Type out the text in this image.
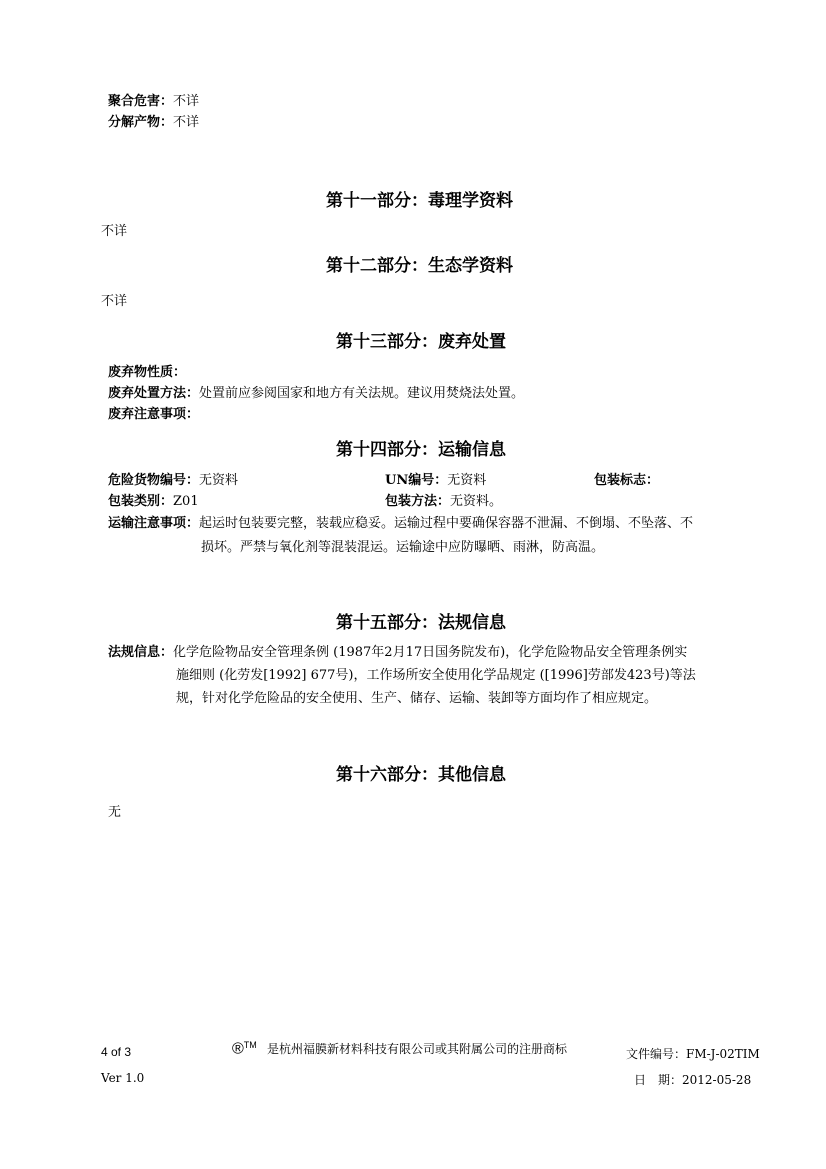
聚合危害：不详
分解产物：不详
第十一部分：毒理学资料
不详
第十二部分：生态学资料
不详
第十三部分：废弃处置
废弃物性质：
废弃处置方法：处置前应参阅国家和地方有关法规。建议用焚烧法处置。
废弃注意事项：
第十四部分：运输信息
危险货物编号：无资料	UN编号：无资料	包装标志：
包装类别：Z01	包装方法：无资料。
运输注意事项：起运时包装要完整，装载应稳妥。运输过程中要确保容器不泄漏、不倒塌、不坠落、不
损坏。严禁与氧化剂等混装混运。运输途中应防曝晒、雨淋，防高温。
第十五部分：法规信息
法规信息：化学危险物品安全管理条例 (1987年2月17日国务院发布)，化学危险物品安全管理条例实
施细则 (化劳发[1992] 677号)，工作场所安全使用化学品规定 ([1996]劳部发423号)等法
规，针对化学危险品的安全使用、生产、储存、运输、装卸等方面均作了相应规定。
第十六部分：其他信息
无
4 of 3
Ver 1.0
®™ 是杭州福膜新材料科技有限公司或其附属公司的注册商标	文件编号：FM-J-02TIM
日　期：2012-05-28
